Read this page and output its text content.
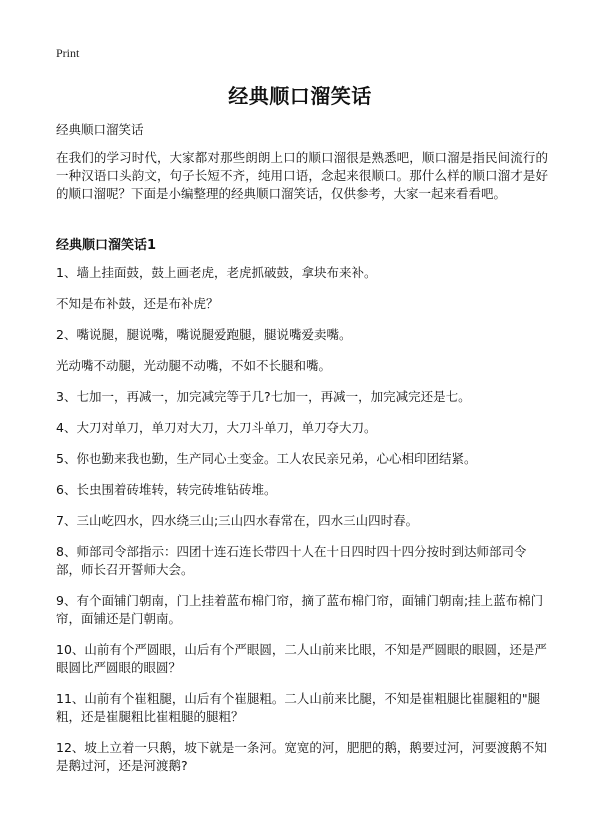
Print
经典顺口溜笑话

经典顺口溜笑话

在我们的学习时代，大家都对那些朗朗上口的顺口溜很是熟悉吧，顺口溜是指民间流行的一种汉语口头韵文，句子长短不齐，纯用口语，念起来很顺口。那什么样的顺口溜才是好的顺口溜呢？下面是小编整理的经典顺口溜笑话，仅供参考，大家一起来看看吧。

经典顺口溜笑话1
1、墙上挂面鼓，鼓上画老虎，老虎抓破鼓，拿块布来补。
不知是布补鼓，还是布补虎？
2、嘴说腿，腿说嘴，嘴说腿爱跑腿，腿说嘴爱卖嘴。
光动嘴不动腿，光动腿不动嘴，不如不长腿和嘴。
3、七加一，再减一，加完减完等于几?七加一，再减一，加完减完还是七。
4、大刀对单刀，单刀对大刀，大刀斗单刀，单刀夺大刀。
5、你也勤来我也勤，生产同心土变金。工人农民亲兄弟，心心相印团结紧。
6、长虫围着砖堆转，转完砖堆钻砖堆。
7、三山屹四水，四水绕三山;三山四水春常在，四水三山四时春。
8、师部司令部指示：四团十连石连长带四十人在十日四时四十四分按时到达师部司令部，师长召开誓师大会。
9、有个面铺门朝南，门上挂着蓝布棉门帘，摘了蓝布棉门帘，面铺门朝南;挂上蓝布棉门帘，面铺还是门朝南。
10、山前有个严圆眼，山后有个严眼圆，二人山前来比眼，不知是严圆眼的眼圆，还是严眼圆比严圆眼的眼圆？
11、山前有个崔粗腿，山后有个崔腿粗。二人山前来比腿，不知是崔粗腿比崔腿粗的"腿粗，还是崔腿粗比崔粗腿的腿粗？
12、坡上立着一只鹅，坡下就是一条河。宽宽的河，肥肥的鹅，鹅要过河，河要渡鹅不知是鹅过河，还是河渡鹅?
